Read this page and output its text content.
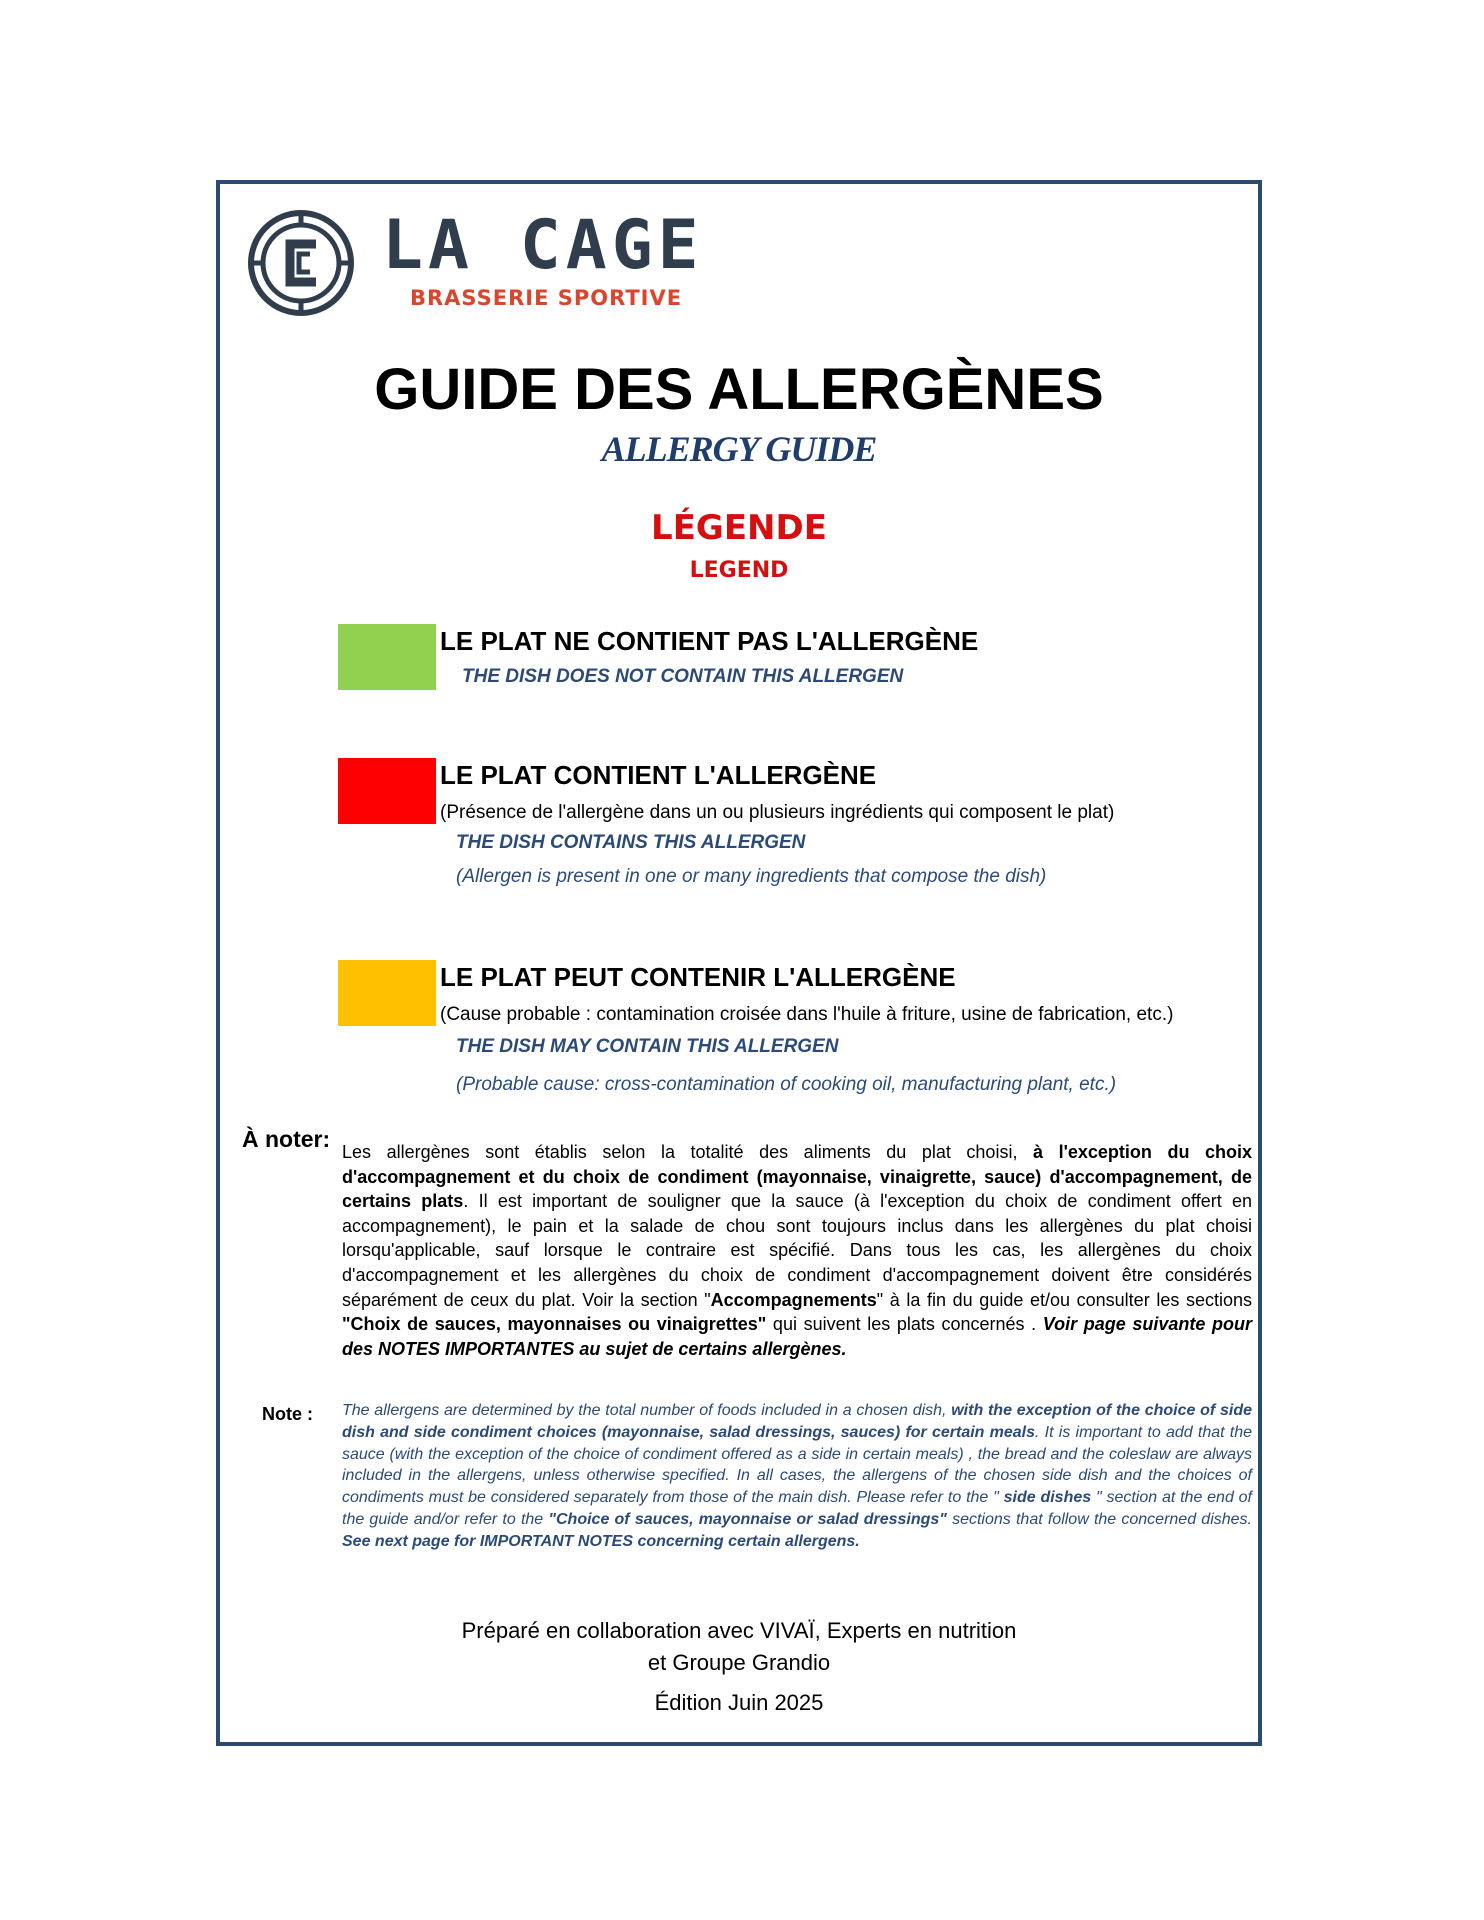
LA CAGE
BRASSERIE SPORTIVE
GUIDE DES ALLERGÈNES
ALLERGY GUIDE
LÉGENDE
LEGEND
LE PLAT NE CONTIENT PAS L'ALLERGÈNE
THE DISH DOES NOT CONTAIN THIS ALLERGEN
LE PLAT CONTIENT L'ALLERGÈNE
(Présence de l'allergène dans un ou plusieurs ingrédients qui composent le plat)
THE DISH CONTAINS THIS ALLERGEN
(Allergen is present in one or many ingredients that compose the dish)
LE PLAT PEUT CONTENIR L'ALLERGÈNE
(Cause probable : contamination croisée dans l'huile à friture, usine de fabrication, etc.)
THE DISH MAY CONTAIN THIS ALLERGEN
(Probable cause: cross-contamination of cooking oil, manufacturing plant, etc.)
À noter: Les allergènes sont établis selon la totalité des aliments du plat choisi, à l'exception du choix d'accompagnement et du choix de condiment (mayonnaise, vinaigrette, sauce) d'accompagnement, de certains plats. Il est important de souligner que la sauce (à l'exception du choix de condiment offert en accompagnement), le pain et la salade de chou sont toujours inclus dans les allergènes du plat choisi lorsqu'applicable, sauf lorsque le contraire est spécifié. Dans tous les cas, les allergènes du choix d'accompagnement et les allergènes du choix de condiment d'accompagnement doivent être considérés séparément de ceux du plat. Voir la section "Accompagnements" à la fin du guide et/ou consulter les sections "Choix de sauces, mayonnaises ou vinaigrettes" qui suivent les plats concernés . Voir page suivante pour des NOTES IMPORTANTES au sujet de certains allergènes.
Note : The allergens are determined by the total number of foods included in a chosen dish, with the exception of the choice of side dish and side condiment choices (mayonnaise, salad dressings, sauces) for certain meals. It is important to add that the sauce (with the exception of the choice of condiment offered as a side in certain meals) , the bread and the coleslaw are always included in the allergens, unless otherwise specified. In all cases, the allergens of the chosen side dish and the choices of condiments must be considered separately from those of the main dish. Please refer to the " side dishes " section at the end of the guide and/or refer to the "Choice of sauces, mayonnaise or salad dressings" sections that follow the concerned dishes. See next page for IMPORTANT NOTES concerning certain allergens.
Préparé en collaboration avec VIVAÏ, Experts en nutrition
et Groupe Grandio
Édition Juin 2025
